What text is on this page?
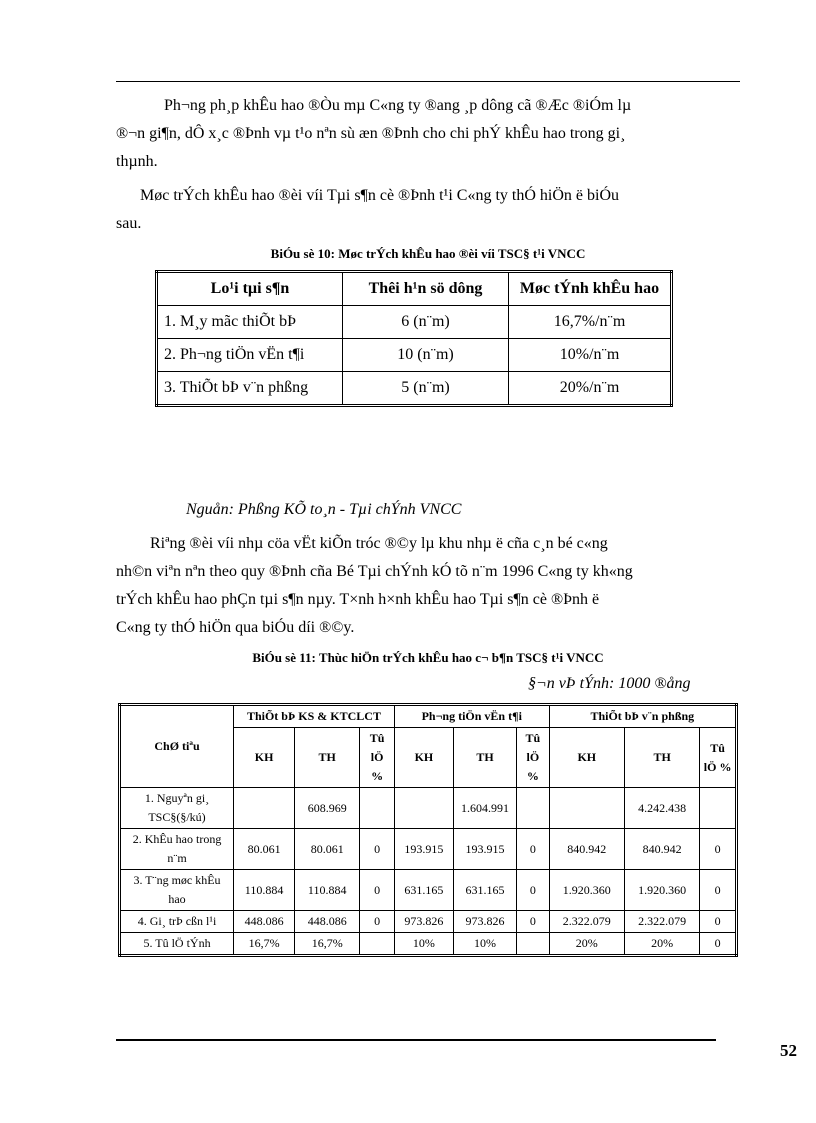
Ph¬ng ph¸p khÊu hao ®Òu mµ C«ng ty ®ang ¸p dông cã ®Æc ®iÓm lµ
®¬n gi¶n, dÔ x¸c ®Þnh vµ t¹o nªn sù æn ®Þnh cho chi phÝ khÊu hao trong gi¸
thµnh.

Møc trÝch khÊu hao ®èi víi Tµi s¶n cè ®Þnh t¹i C«ng ty thÓ hiÖn ë biÓu
sau.

BiÓu sè 10: Møc trÝch khÊu hao ®èi víi TSC§ t¹i VNCC
Lo¹i tµi s¶n	Thêi h¹n sö dông	Møc tÝnh khÊu hao
1. M¸y mãc thiÕt bÞ	6 (n¨m)	16,7%/n¨m
2. Ph¬ng tiÖn vËn t¶i	10 (n¨m)	10%/n¨m
3. ThiÕt bÞ v¨n phßng	5 (n¨m)	20%/n¨m
Nguån: Phßng KÕ to¸n - Tµi chÝnh VNCC

Riªng ®èi víi nhµ cöa vËt kiÕn tróc ®©y lµ khu nhµ ë cña c¸n bé c«ng
nh©n viªn nªn theo quy ®Þnh cña Bé Tµi chÝnh kÓ tõ n¨m 1996 C«ng ty kh«ng
trÝch khÊu hao phÇn tµi s¶n nµy. T×nh h×nh khÊu hao Tµi s¶n cè ®Þnh ë
C«ng ty thÓ hiÖn qua biÓu díi ®©y.

BiÓu sè 11: Thùc hiÖn trÝch khÊu hao c¬ b¶n TSC§ t¹i VNCC
§¬n vÞ tÝnh: 1000 ®ång
ChØ tiªu	ThiÕt bÞ KS & KTCLCT			Ph¬ng tiÖn vËn t¶i			ThiÕt bÞ v¨n phßng		
	KH	TH	Tû lÖ %	KH	TH	Tû lÖ %	KH	TH	Tû lÖ %
1. Nguyªn gi¸ TSC§(§/kú)		608.969			1.604.991			4.242.438	
2. KhÊu hao trong n¨m	80.061	80.061	0	193.915	193.915	0	840.942	840.942	0
3. T¨ng møc khÊu hao	110.884	110.884	0	631.165	631.165	0	1.920.360	1.920.360	0
4. Gi¸ trÞ cßn l¹i	448.086	448.086	0	973.826	973.826	0	2.322.079	2.322.079	0
5. Tû lÖ tÝnh	16,7%	16,7%		10%	10%		20%	20%	0
52
